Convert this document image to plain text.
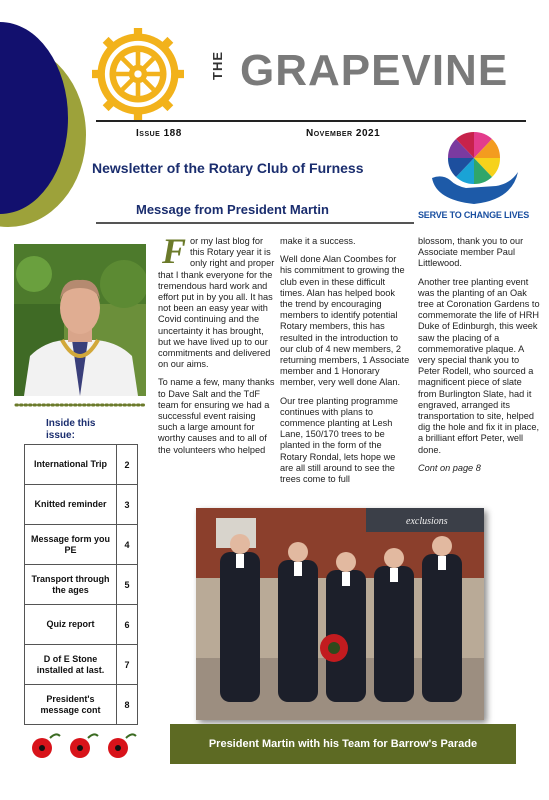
THE GRAPEVINE
Issue 188	November 2021
Newsletter of the Rotary Club of Furness
Message from President Martin	SERVE TO CHANGE LIVES
Inside this
issue:
International Trip	2
Knitted reminder	3
Message form you PE	4
Transport through the ages	5
Quiz report	6
D of E Stone installed at last.	7
President's message cont	8

For my last blog for this Rotary year it is only right and proper that I thank everyone for the tremendous hard work and effort put in by you all. It has not been an easy year with Covid continuing and the uncertainty it has brought, but we have lived up to our commitments and delivered on our aims.

To name a few, many thanks to Dave Salt and the TdF team for ensuring we had a successful event raising such a large amount for worthy causes and to all of the volunteers who helped

make it a success.

Well done Alan Coombes for his commitment to growing the club even in these difficult times. Alan has helped book the trend by encouraging members to identify potential Rotary members, this has resulted in the introduction to our club of 4 new members, 2 returning members, 1 Associate member and 1 Honorary member, very well done Alan.

Our tree planting programme continues with plans to commence planting at Lesh Lane, 150/170 trees to be planted in the form of the Rotary Rondal, lets hope we are all still around to see the trees come to full

blossom, thank you to our Associate member Paul Littlewood.

Another tree planting event was the planting of an Oak tree at Coronation Gardens to commemorate the life of HRH Duke of Edinburgh, this week saw the placing of a commemorative plaque. A very special thank you to Peter Rodell, who sourced a magnificent piece of slate from Burlington Slate, had it engraved, arranged its transportation to site, helped dig the hole and fix it in place, a brilliant effort Peter, well done.

Cont on page 8

exclusions
President Martin with his Team for Barrow's Parade
